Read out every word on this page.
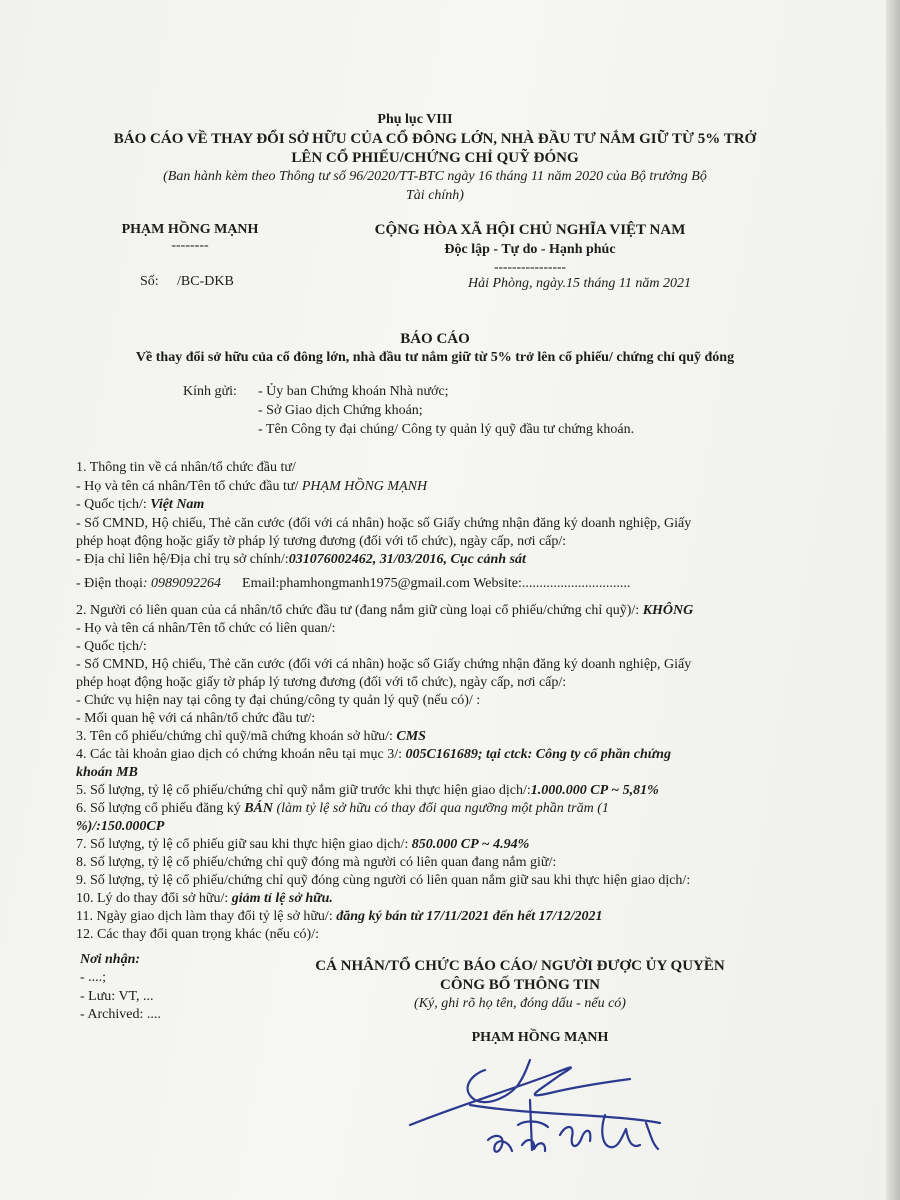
Phụ lục VIII
BÁO CÁO VỀ THAY ĐỔI SỞ HỮU CỦA CỔ ĐÔNG LỚN, NHÀ ĐẦU TƯ NẮM GIỮ TỪ 5% TRỞ
LÊN CỔ PHIẾU/CHỨNG CHỈ QUỸ ĐÓNG
(Ban hành kèm theo Thông tư số 96/2020/TT-BTC ngày 16 tháng 11 năm 2020 của Bộ trưởng Bộ
Tài chính)
PHẠM HỒNG MẠNH
--------
Số: /BC-DKB
CỘNG HÒA XÃ HỘI CHỦ NGHĨA VIỆT NAM
Độc lập - Tự do - Hạnh phúc
----------------
Hải Phòng, ngày.15 tháng 11 năm 2021
BÁO CÁO
Về thay đổi sở hữu của cổ đông lớn, nhà đầu tư nắm giữ từ 5% trở lên cổ phiếu/ chứng chỉ quỹ đóng
Kính gửi: - Ủy ban Chứng khoán Nhà nước;
- Sở Giao dịch Chứng khoán;
- Tên Công ty đại chúng/ Công ty quản lý quỹ đầu tư chứng khoán.
1. Thông tin về cá nhân/tổ chức đầu tư/
- Họ và tên cá nhân/Tên tổ chức đầu tư/ PHẠM HỒNG MẠNH
- Quốc tịch/: Việt Nam
- Số CMND, Hộ chiếu, Thẻ căn cước (đối với cá nhân) hoặc số Giấy chứng nhận đăng ký doanh nghiệp, Giấy
phép hoạt động hoặc giấy tờ pháp lý tương đương (đối với tổ chức), ngày cấp, nơi cấp/:
- Địa chỉ liên hệ/Địa chỉ trụ sở chính/:031076002462, 31/03/2016, Cục cảnh sát
- Điện thoại: 0989092264 Email:phamhongmanh1975@gmail.com Website:...............................
2. Người có liên quan của cá nhân/tổ chức đầu tư (đang nắm giữ cùng loại cổ phiếu/chứng chỉ quỹ)/: KHÔNG
- Họ và tên cá nhân/Tên tổ chức có liên quan/:
- Quốc tịch/:
- Số CMND, Hộ chiếu, Thẻ căn cước (đối với cá nhân) hoặc số Giấy chứng nhận đăng ký doanh nghiệp, Giấy
phép hoạt động hoặc giấy tờ pháp lý tương đương (đối với tổ chức), ngày cấp, nơi cấp/:
- Chức vụ hiện nay tại công ty đại chúng/công ty quản lý quỹ (nếu có)/ :
- Mối quan hệ với cá nhân/tổ chức đầu tư/:
3. Tên cổ phiếu/chứng chỉ quỹ/mã chứng khoán sở hữu/: CMS
4. Các tài khoản giao dịch có chứng khoán nêu tại mục 3/: 005C161689; tại ctck: Công ty cổ phần chứng
khoán MB
5. Số lượng, tỷ lệ cổ phiếu/chứng chỉ quỹ nắm giữ trước khi thực hiện giao dịch/:1.000.000 CP ~ 5,81%
6. Số lượng cổ phiếu đăng ký BÁN (làm tỷ lệ sở hữu có thay đổi qua ngưỡng một phần trăm (1
%)/:150.000CP
7. Số lượng, tỷ lệ cổ phiếu giữ sau khi thực hiện giao dịch/: 850.000 CP ~ 4.94%
8. Số lượng, tỷ lệ cổ phiếu/chứng chỉ quỹ đóng mà người có liên quan đang nắm giữ/:
9. Số lượng, tỷ lệ cổ phiếu/chứng chỉ quỹ đóng cùng người có liên quan nắm giữ sau khi thực hiện giao dịch/:
10. Lý do thay đổi sở hữu/: giảm tỉ lệ sở hữu.
11. Ngày giao dịch làm thay đổi tỷ lệ sở hữu/: đăng ký bán từ 17/11/2021 đến hết 17/12/2021
12. Các thay đổi quan trọng khác (nếu có)/:
Nơi nhận:
- ....;
- Lưu: VT, ...
- Archived: ....
CÁ NHÂN/TỔ CHỨC BÁO CÁO/ NGƯỜI ĐƯỢC ỦY QUYỀN
CÔNG BỐ THÔNG TIN
(Ký, ghi rõ họ tên, đóng dấu - nếu có)
PHẠM HỒNG MẠNH
